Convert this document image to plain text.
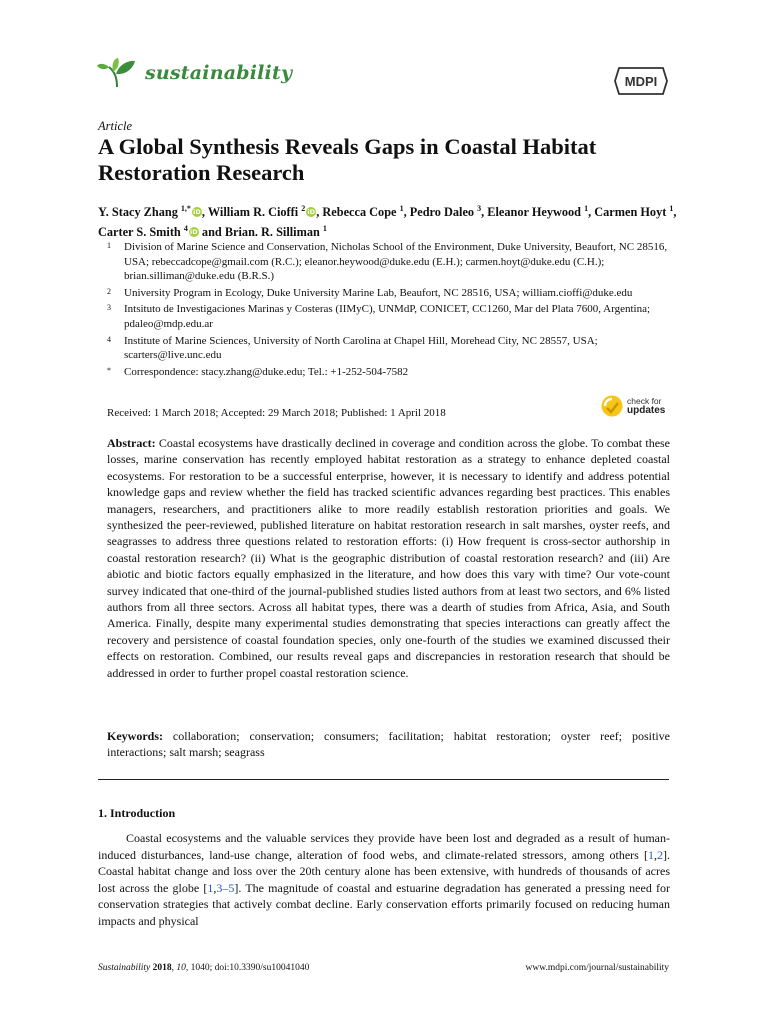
sustainability	MDPI
Article
A Global Synthesis Reveals Gaps in Coastal Habitat Restoration Research
Y. Stacy Zhang $^{1,*}$ iD, William R. Cioffi $^2$ iD, Rebecca Cope $^1$, Pedro Daleo $^3$, Eleanor Heywood $^1$, Carmen Hoyt $^1$, Carter S. Smith $^4$ iD and Brian. R. Silliman $^1$
1	Division of Marine Science and Conservation, Nicholas School of the Environment, Duke University, Beaufort, NC 28516, USA; rebeccadcope@gmail.com (R.C.); eleanor.heywood@duke.edu (E.H.); carmen.hoyt@duke.edu (C.H.); brian.silliman@duke.edu (B.R.S.)
2	University Program in Ecology, Duke University Marine Lab, Beaufort, NC 28516, USA; william.cioffi@duke.edu
3	Intsituto de Investigaciones Marinas y Costeras (IIMyC), UNMdP, CONICET, CC1260, Mar del Plata 7600, Argentina; pdaleo@mdp.edu.ar
4	Institute of Marine Sciences, University of North Carolina at Chapel Hill, Morehead City, NC 28557, USA; scarters@live.unc.edu
*	Correspondence: stacy.zhang@duke.edu; Tel.: +1-252-504-7582
Received: 1 March 2018; Accepted: 29 March 2018; Published: 1 April 2018
check for
updates

Abstract: Coastal ecosystems have drastically declined in coverage and condition across the globe. To combat these losses, marine conservation has recently employed habitat restoration as a strategy to enhance depleted coastal ecosystems. For restoration to be a successful enterprise, however, it is necessary to identify and address potential knowledge gaps and review whether the field has tracked scientific advances regarding best practices. This enables managers, researchers, and practitioners alike to more readily establish restoration priorities and goals. We synthesized the peer-reviewed, published literature on habitat restoration research in salt marshes, oyster reefs, and seagrasses to address three questions related to restoration efforts: (i) How frequent is cross-sector authorship in coastal restoration research? (ii) What is the geographic distribution of coastal restoration research? and (iii) Are abiotic and biotic factors equally emphasized in the literature, and how does this vary with time? Our vote-count survey indicated that one-third of the journal-published studies listed authors from at least two sectors, and 6% listed authors from all three sectors. Across all habitat types, there was a dearth of studies from Africa, Asia, and South America. Finally, despite many experimental studies demonstrating that species interactions can greatly affect the recovery and persistence of coastal foundation species, only one-fourth of the studies we examined discussed their effects on restoration. Combined, our results reveal gaps and discrepancies in restoration research that should be addressed in order to further propel coastal restoration science.

Keywords: collaboration; conservation; consumers; facilitation; habitat restoration; oyster reef; positive interactions; salt marsh; seagrass

1. Introduction

Coastal ecosystems and the valuable services they provide have been lost and degraded as a result of human-induced disturbances, land-use change, alteration of food webs, and climate-related stressors, among others [1,2]. Coastal habitat change and loss over the 20th century alone has been extensive, with hundreds of thousands of acres lost across the globe [1,3–5]. The magnitude of coastal and estuarine degradation has generated a pressing need for conservation strategies that actively combat decline. Early conservation efforts primarily focused on reducing human impacts and physical

Sustainability 2018, 10, 1040; doi:10.3390/su10041040	www.mdpi.com/journal/sustainability
